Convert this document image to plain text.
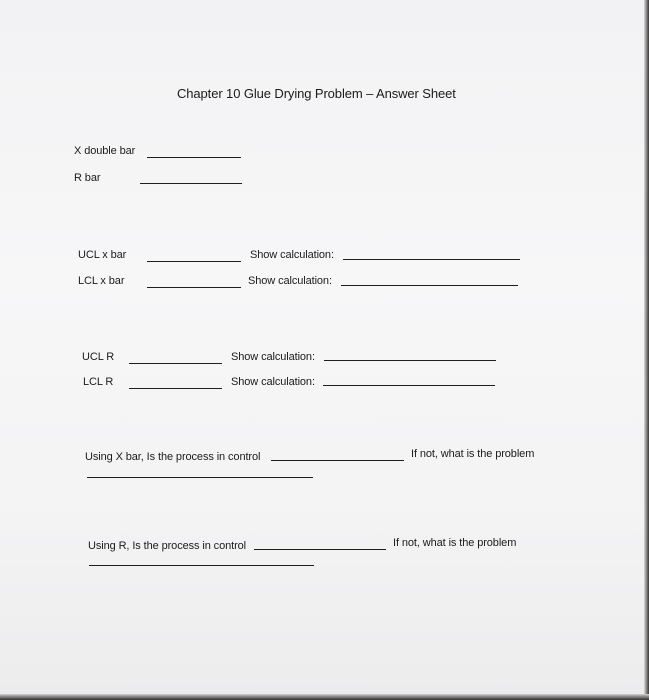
Chapter 10 Glue Drying Problem – Answer Sheet
X double bar
R bar
UCL x bar	Show calculation:
LCL x bar	Show calculation:
UCL R	Show calculation:
LCL R	Show calculation:
Using X bar, Is the process in control	If not, what is the problem
Using R, Is the process in control	If not, what is the problem
